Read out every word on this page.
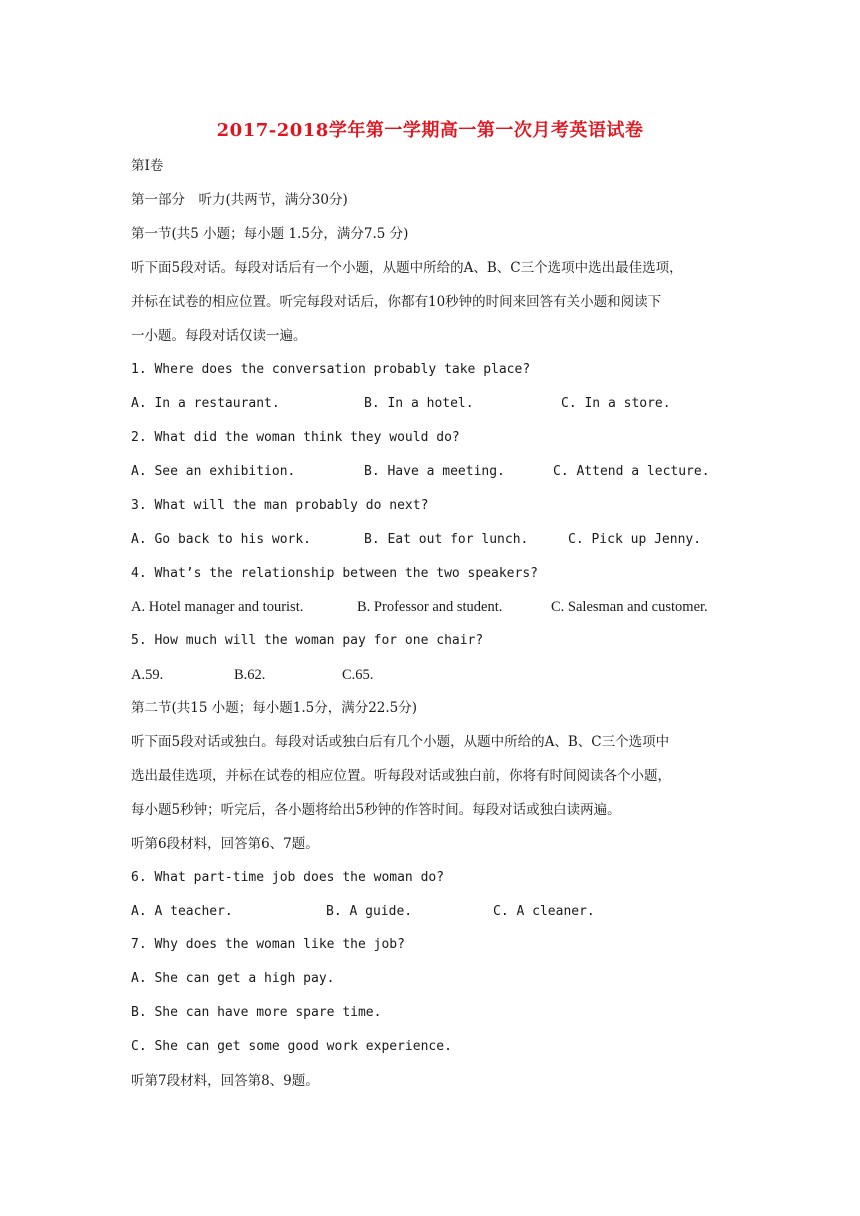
2017-2018学年第一学期高一第一次月考英语试卷
第Ⅰ卷
第一部分　听力(共两节，满分30分)
第一节(共5 小题；每小题 1.5分，满分7.5 分)
听下面5段对话。每段对话后有一个小题，从题中所给的A、B、C三个选项中选出最佳选项，
并标在试卷的相应位置。听完每段对话后，你都有10秒钟的时间来回答有关小题和阅读下
一小题。每段对话仅读一遍。
1. Where does the conversation probably take place?
A. In a restaurant.	B. In a hotel.	C. In a store.
2. What did the woman think they would do?
A. See an exhibition.	B. Have a meeting.	C. Attend a lecture.
3. What will the man probably do next?
A. Go back to his work.	B. Eat out for lunch.	C. Pick up Jenny.
4. What’s the relationship between the two speakers?
A. Hotel manager and tourist.	B. Professor and student.	C. Salesman and customer.
5. How much will the woman pay for one chair?
A.59.	B.62.	C.65.
第二节(共15 小题；每小题1.5分，满分22.5分)
听下面5段对话或独白。每段对话或独白后有几个小题，从题中所给的A、B、C三个选项中
选出最佳选项，并标在试卷的相应位置。听每段对话或独白前，你将有时间阅读各个小题，
每小题5秒钟；听完后，各小题将给出5秒钟的作答时间。每段对话或独白读两遍。
听第6段材料，回答第6、7题。
6. What part-time job does the woman do?
A. A teacher.	B. A guide.	C. A cleaner.
7. Why does the woman like the job?
A. She can get a high pay.
B. She can have more spare time.
C. She can get some good work experience.
听第7段材料，回答第8、9题。
